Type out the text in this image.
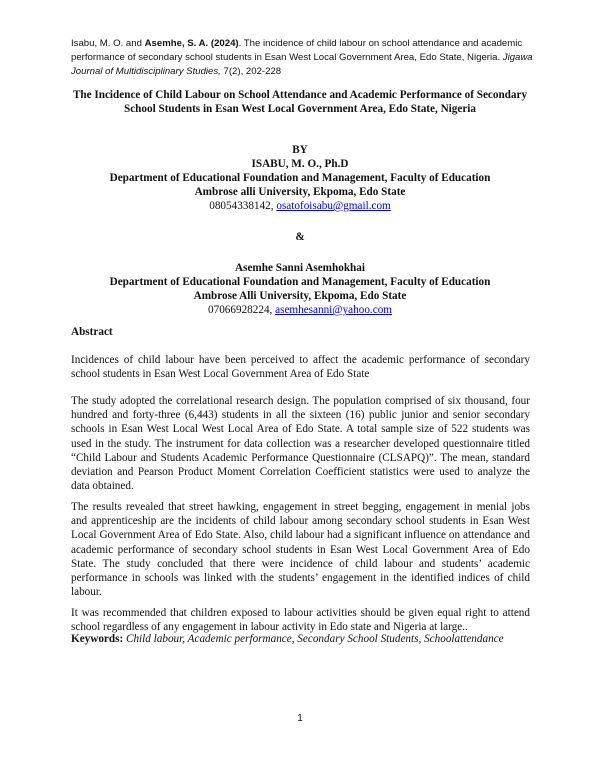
Isabu, M. O. and Asemhe, S. A. (2024). The incidence of child labour on school attendance and academic performance of secondary school students in Esan West Local Government Area, Edo State, Nigeria. Jigawa Journal of Multidisciplinary Studies, 7(2), 202-228
The Incidence of Child Labour on School Attendance and Academic Performance of Secondary School Students in Esan West Local Government Area, Edo State, Nigeria
BY
ISABU, M. O., Ph.D
Department of Educational Foundation and Management, Faculty of Education
Ambrose alli University, Ekpoma, Edo State
08054338142, osatofoisabu@gmail.com
&
Asemhe Sanni Asemhokhai
Department of Educational Foundation and Management, Faculty of Education
Ambrose Alli University, Ekpoma, Edo State
07066928224, asemhesanni@yahoo.com
Abstract

Incidences of child labour have been perceived to affect the academic performance of secondary school students in Esan West Local Government Area of Edo State

The study adopted the correlational research design. The population comprised of six thousand, four hundred and forty-three (6,443) students in all the sixteen (16) public junior and senior secondary schools in Esan West Local West Local Area of Edo State. A total sample size of 522 students was used in the study. The instrument for data collection was a researcher developed questionnaire titled “Child Labour and Students Academic Performance Questionnaire (CLSAPQ)”. The mean, standard deviation and Pearson Product Moment Correlation Coefficient statistics were used to analyze the data obtained.

The results revealed that street hawking, engagement in street begging, engagement in menial jobs and apprenticeship are the incidents of child labour among secondary school students in Esan West Local Government Area of Edo State. Also, child labour had a significant influence on attendance and academic performance of secondary school students in Esan West Local Government Area of Edo State. The study concluded that there were incidence of child labour and students’ academic performance in schools was linked with the students’ engagement in the identified indices of child labour.

It was recommended that children exposed to labour activities should be given equal right to attend school regardless of any engagement in labour activity in Edo state and Nigeria at large..

Keywords: Child labour, Academic performance, Secondary School Students, Schoolattendance
1
